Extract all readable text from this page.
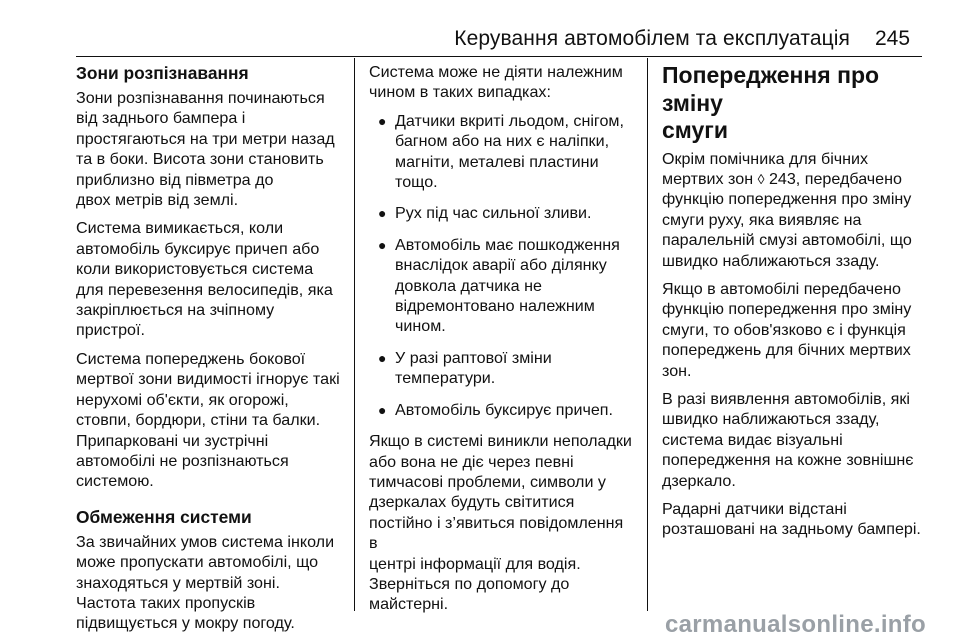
Керування автомобілем та експлуатація 245
Зони розпізнавання

Зони розпізнавання починаються
від заднього бампера і
простягаються на три метри назад
та в боки. Висота зони становить
приблизно від півметра до
двох метрів від землі.

Система вимикається, коли
автомобіль буксирує причеп або
коли використовується система
для перевезення велосипедів, яка
закріплюється на зчіпному
пристрої.

Система попереджень бокової
мертвої зони видимості ігнорує такі
нерухомі об'єкти, як огорожі,
стовпи, бордюри, стіни та балки.
Припарковані чи зустрічні
автомобілі не розпізнаються
системою.

Обмеження системи

За звичайних умов система інколи
може пропускати автомобілі, що
знаходяться у мертвій зоні.
Частота таких пропусків
підвищується у мокру погоду.

Система може не діяти належним
чином в таких випадках:

● Датчики вкриті льодом, снігом,
багном або на них є наліпки,
магніти, металеві пластини
тощо.
● Рух під час сильної зливи.
● Автомобіль має пошкодження
внаслідок аварії або ділянку
довкола датчика не
відремонтовано належним
чином.
● У разі раптової зміни
температури.
● Автомобіль буксирує причеп.

Якщо в системі виникли неполадки
або вона не діє через певні
тимчасові проблеми, символи у
дзеркалах будуть світитися
постійно і з’явиться повідомлення в
центрі інформації для водія.
Зверніться по допомогу до
майстерні.

Попередження про зміну
смуги

Окрім помічника для бічних
мертвих зон ◊ 243, передбачено
функцію попередження про зміну
смуги руху, яка виявляє на
паралельній смузі автомобілі, що
швидко наближаються ззаду.

Якщо в автомобілі передбачено
функцію попередження про зміну
смуги, то обов'язково є і функція
попереджень для бічних мертвих
зон.

В разі виявлення автомобілів, які
швидко наближаються ззаду,
система видає візуальні
попередження на кожне зовнішнє
дзеркало.

Радарні датчики відстані
розташовані на задньому бампері.

carmanualsonline.info
